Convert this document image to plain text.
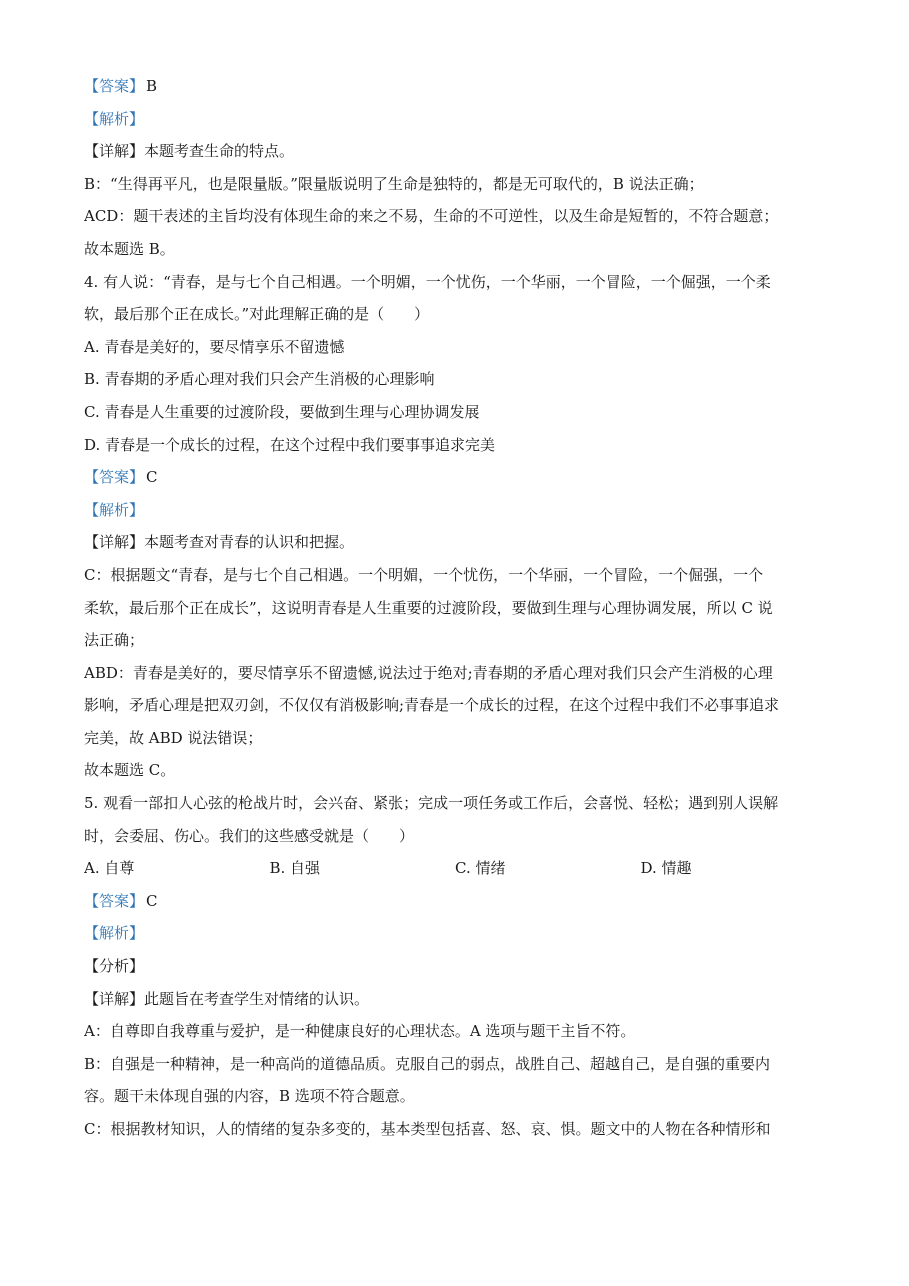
【答案】 B
【解析】
【详解】本题考查生命的特点。
B：“生得再平凡，也是限量版。”限量版说明了生命是独特的，都是无可取代的，B 说法正确；
ACD：题干表述的主旨均没有体现生命的来之不易，生命的不可逆性，以及生命是短暂的，不符合题意；
故本题选 B。
4. 有人说：“青春，是与七个自己相遇。一个明媚，一个忧伤，一个华丽，一个冒险，一个倔强，一个柔
软，最后那个正在成长。”对此理解正确的是（　　）
A. 青春是美好的，要尽情享乐不留遗憾
B. 青春期的矛盾心理对我们只会产生消极的心理影响
C. 青春是人生重要的过渡阶段，要做到生理与心理协调发展
D. 青春是一个成长的过程，在这个过程中我们要事事追求完美
【答案】 C
【解析】
【详解】本题考查对青春的认识和把握。
C：根据题文“青春，是与七个自己相遇。一个明媚，一个忧伤，一个华丽，一个冒险，一个倔强，一个
柔软，最后那个正在成长”，这说明青春是人生重要的过渡阶段，要做到生理与心理协调发展，所以 C 说
法正确；
ABD：青春是美好的，要尽情享乐不留遗憾,说法过于绝对;青春期的矛盾心理对我们只会产生消极的心理
影响，矛盾心理是把双刃剑，不仅仅有消极影响;青春是一个成长的过程，在这个过程中我们不必事事追求
完美，故 ABD 说法错误；
故本题选 C。
5. 观看一部扣人心弦的枪战片时，会兴奋、紧张；完成一项任务或工作后，会喜悦、轻松；遇到别人误解
时，会委屈、伤心。我们的这些感受就是（　　）
A. 自尊	B. 自强	C. 情绪	D. 情趣
【答案】 C
【解析】
【分析】
【详解】此题旨在考查学生对情绪的认识。
A：自尊即自我尊重与爱护，是一种健康良好的心理状态。A 选项与题干主旨不符。
B：自强是一种精神，是一种高尚的道德品质。克服自己的弱点，战胜自己、超越自己，是自强的重要内
容。题干未体现自强的内容，B 选项不符合题意。
C：根据教材知识，人的情绪的复杂多变的，基本类型包括喜、怒、哀、惧。题文中的人物在各种情形和
